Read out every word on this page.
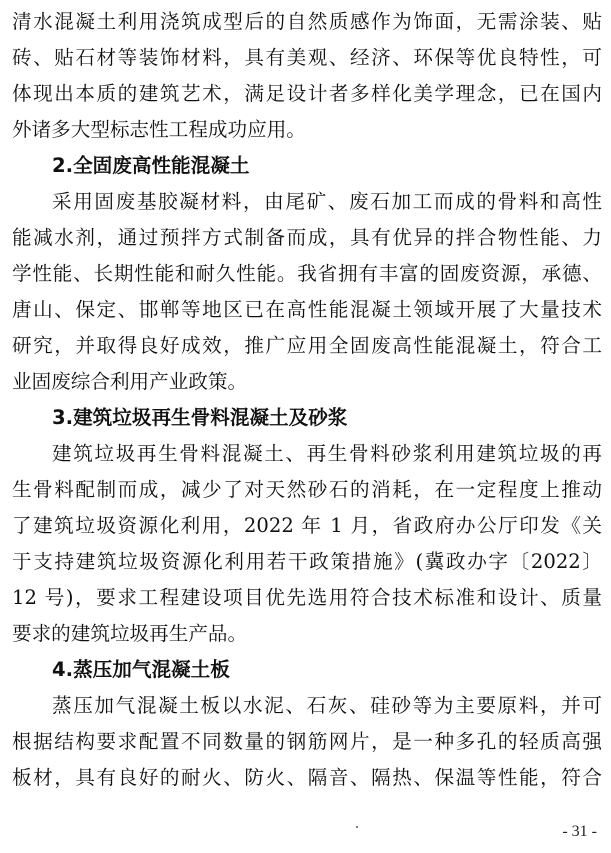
清水混凝土利用浇筑成型后的自然质感作为饰面，无需涂装、贴
砖、贴石材等装饰材料，具有美观、经济、环保等优良特性，可
体现出本质的建筑艺术，满足设计者多样化美学理念，已在国内
外诸多大型标志性工程成功应用。
2.全固废高性能混凝土
采用固废基胶凝材料，由尾矿、废石加工而成的骨料和高性
能减水剂，通过预拌方式制备而成，具有优异的拌合物性能、力
学性能、长期性能和耐久性能。我省拥有丰富的固废资源，承德、
唐山、保定、邯郸等地区已在高性能混凝土领域开展了大量技术
研究，并取得良好成效，推广应用全固废高性能混凝土，符合工
业固废综合利用产业政策。
3.建筑垃圾再生骨料混凝土及砂浆
建筑垃圾再生骨料混凝土、再生骨料砂浆利用建筑垃圾的再
生骨料配制而成，减少了对天然砂石的消耗，在一定程度上推动
了建筑垃圾资源化利用，2022 年 1 月，省政府办公厅印发《关
于支持建筑垃圾资源化利用若干政策措施》(冀政办字〔2022〕
12 号)，要求工程建设项目优先选用符合技术标准和设计、质量
要求的建筑垃圾再生产品。
4.蒸压加气混凝土板
蒸压加气混凝土板以水泥、石灰、硅砂等为主要原料，并可
根据结构要求配置不同数量的钢筋网片，是一种多孔的轻质高强
板材，具有良好的耐火、防火、隔音、隔热、保温等性能，符合
- 31 -
